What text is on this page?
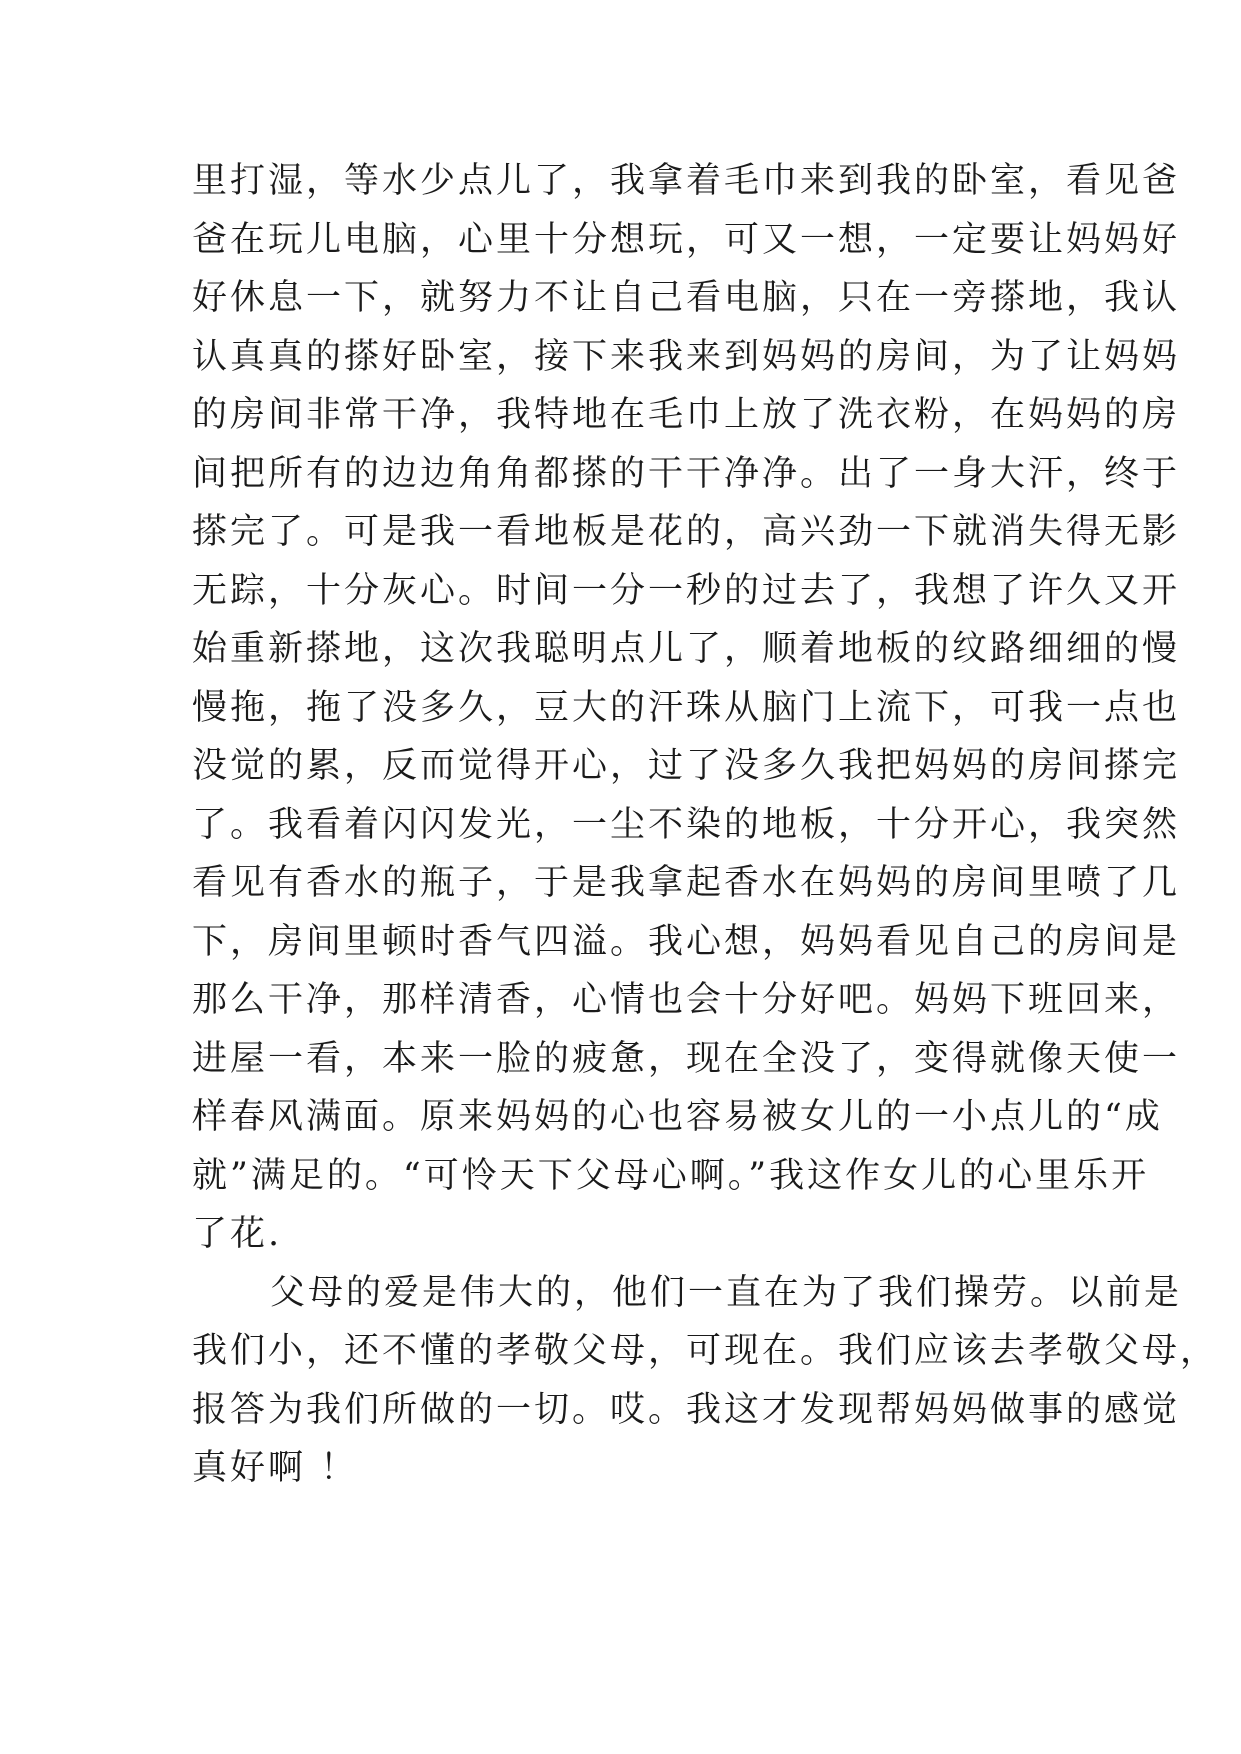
里打湿，等水少点儿了，我拿着毛巾来到我的卧室，看见爸
爸在玩儿电脑，心里十分想玩，可又一想，一定要让妈妈好
好休息一下，就努力不让自己看电脑，只在一旁搽地，我认
认真真的搽好卧室，接下来我来到妈妈的房间，为了让妈妈
的房间非常干净，我特地在毛巾上放了洗衣粉，在妈妈的房
间把所有的边边角角都搽的干干净净。出了一身大汗，终于
搽完了。可是我一看地板是花的，高兴劲一下就消失得无影
无踪，十分灰心。时间一分一秒的过去了，我想了许久又开
始重新搽地，这次我聪明点儿了，顺着地板的纹路细细的慢
慢拖，拖了没多久，豆大的汗珠从脑门上流下，可我一点也
没觉的累，反而觉得开心，过了没多久我把妈妈的房间搽完
了。我看着闪闪发光，一尘不染的地板，十分开心，我突然
看见有香水的瓶子，于是我拿起香水在妈妈的房间里喷了几
下，房间里顿时香气四溢。我心想，妈妈看见自己的房间是
那么干净，那样清香，心情也会十分好吧。妈妈下班回来，
进屋一看，本来一脸的疲惫，现在全没了，变得就像天使一
样春风满面。原来妈妈的心也容易被女儿的一小点儿的“成
就”满足的。“可怜天下父母心啊。”我这作女儿的心里乐开
了花.
父母的爱是伟大的，他们一直在为了我们操劳。以前是
我们小，还不懂的孝敬父母，可现在。我们应该去孝敬父母，
报答为我们所做的一切。哎。我这才发现帮妈妈做事的感觉
真好啊 ！
